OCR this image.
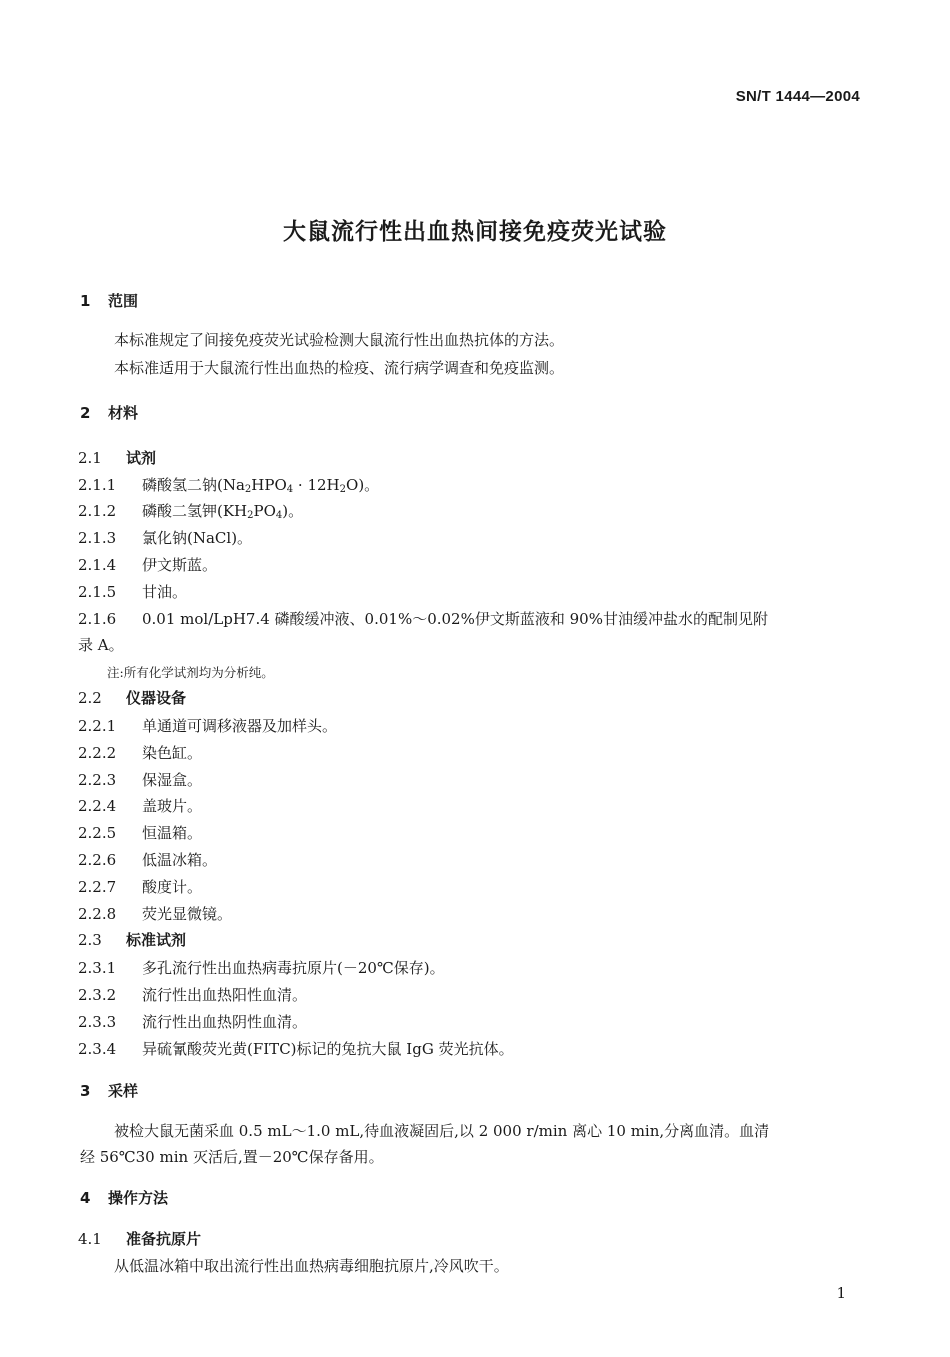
SN/T 1444—2004
大鼠流行性出血热间接免疫荧光试验
1 范围
本标准规定了间接免疫荧光试验检测大鼠流行性出血热抗体的方法。
本标准适用于大鼠流行性出血热的检疫、流行病学调查和免疫监测。
2 材料
2.1 试剂
2.1.1 磷酸氢二钠$(Na_2HPO_4 \cdot 12H_2O)$。
2.1.2 磷酸二氢钾$(KH_2PO_4)$。
2.1.3 氯化钠(NaCl)。
2.1.4 伊文斯蓝。
2.1.5 甘油。
2.1.6 0.01 mol/LpH7.4 磷酸缓冲液、0.01%～0.02%伊文斯蓝液和 90%甘油缓冲盐水的配制见附
录 A。
注:所有化学试剂均为分析纯。
2.2 仪器设备
2.2.1 单通道可调移液器及加样头。
2.2.2 染色缸。
2.2.3 保湿盒。
2.2.4 盖玻片。
2.2.5 恒温箱。
2.2.6 低温冰箱。
2.2.7 酸度计。
2.2.8 荧光显微镜。
2.3 标准试剂
2.3.1 多孔流行性出血热病毒抗原片(－20℃保存)。
2.3.2 流行性出血热阳性血清。
2.3.3 流行性出血热阴性血清。
2.3.4 异硫氰酸荧光黄(FITC)标记的兔抗大鼠 IgG 荧光抗体。
3 采样
被检大鼠无菌采血 0.5 mL～1.0 mL,待血液凝固后,以 2 000 r/min 离心 10 min,分离血清。血清
经 56℃30 min 灭活后,置－20℃保存备用。
4 操作方法
4.1 准备抗原片
从低温冰箱中取出流行性出血热病毒细胞抗原片,冷风吹干。
1
